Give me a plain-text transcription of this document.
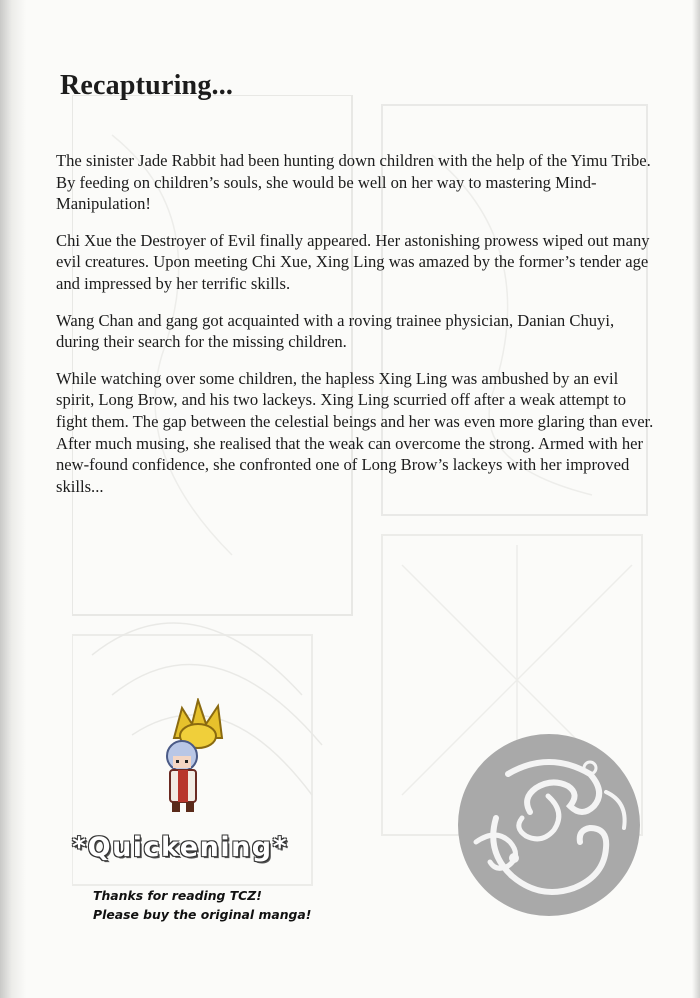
Recapturing...

The sinister Jade Rabbit had been hunting down children with the help of the Yimu Tribe. By feeding on children’s souls, she would be well on her way to mastering Mind-Manipulation!

Chi Xue the Destroyer of Evil finally appeared. Her astonishing prowess wiped out many evil creatures. Upon meeting Chi Xue, Xing Ling was amazed by the former’s tender age and impressed by her terrific skills.

Wang Chan and gang got acquainted with a roving trainee physician, Danian Chuyi, during their search for the missing children.

While watching over some children, the hapless Xing Ling was ambushed by an evil spirit, Long Brow, and his two lackeys. Xing Ling scurried off after a weak attempt to fight them. The gap between the celestial beings and her was even more glaring than ever. After much musing, she realised that the weak can overcome the strong. Armed with her new-found confidence, she confronted one of Long Brow’s lackeys with her improved skills...

*Quickening*
Thanks for reading TCZ!
Please buy the original manga!
